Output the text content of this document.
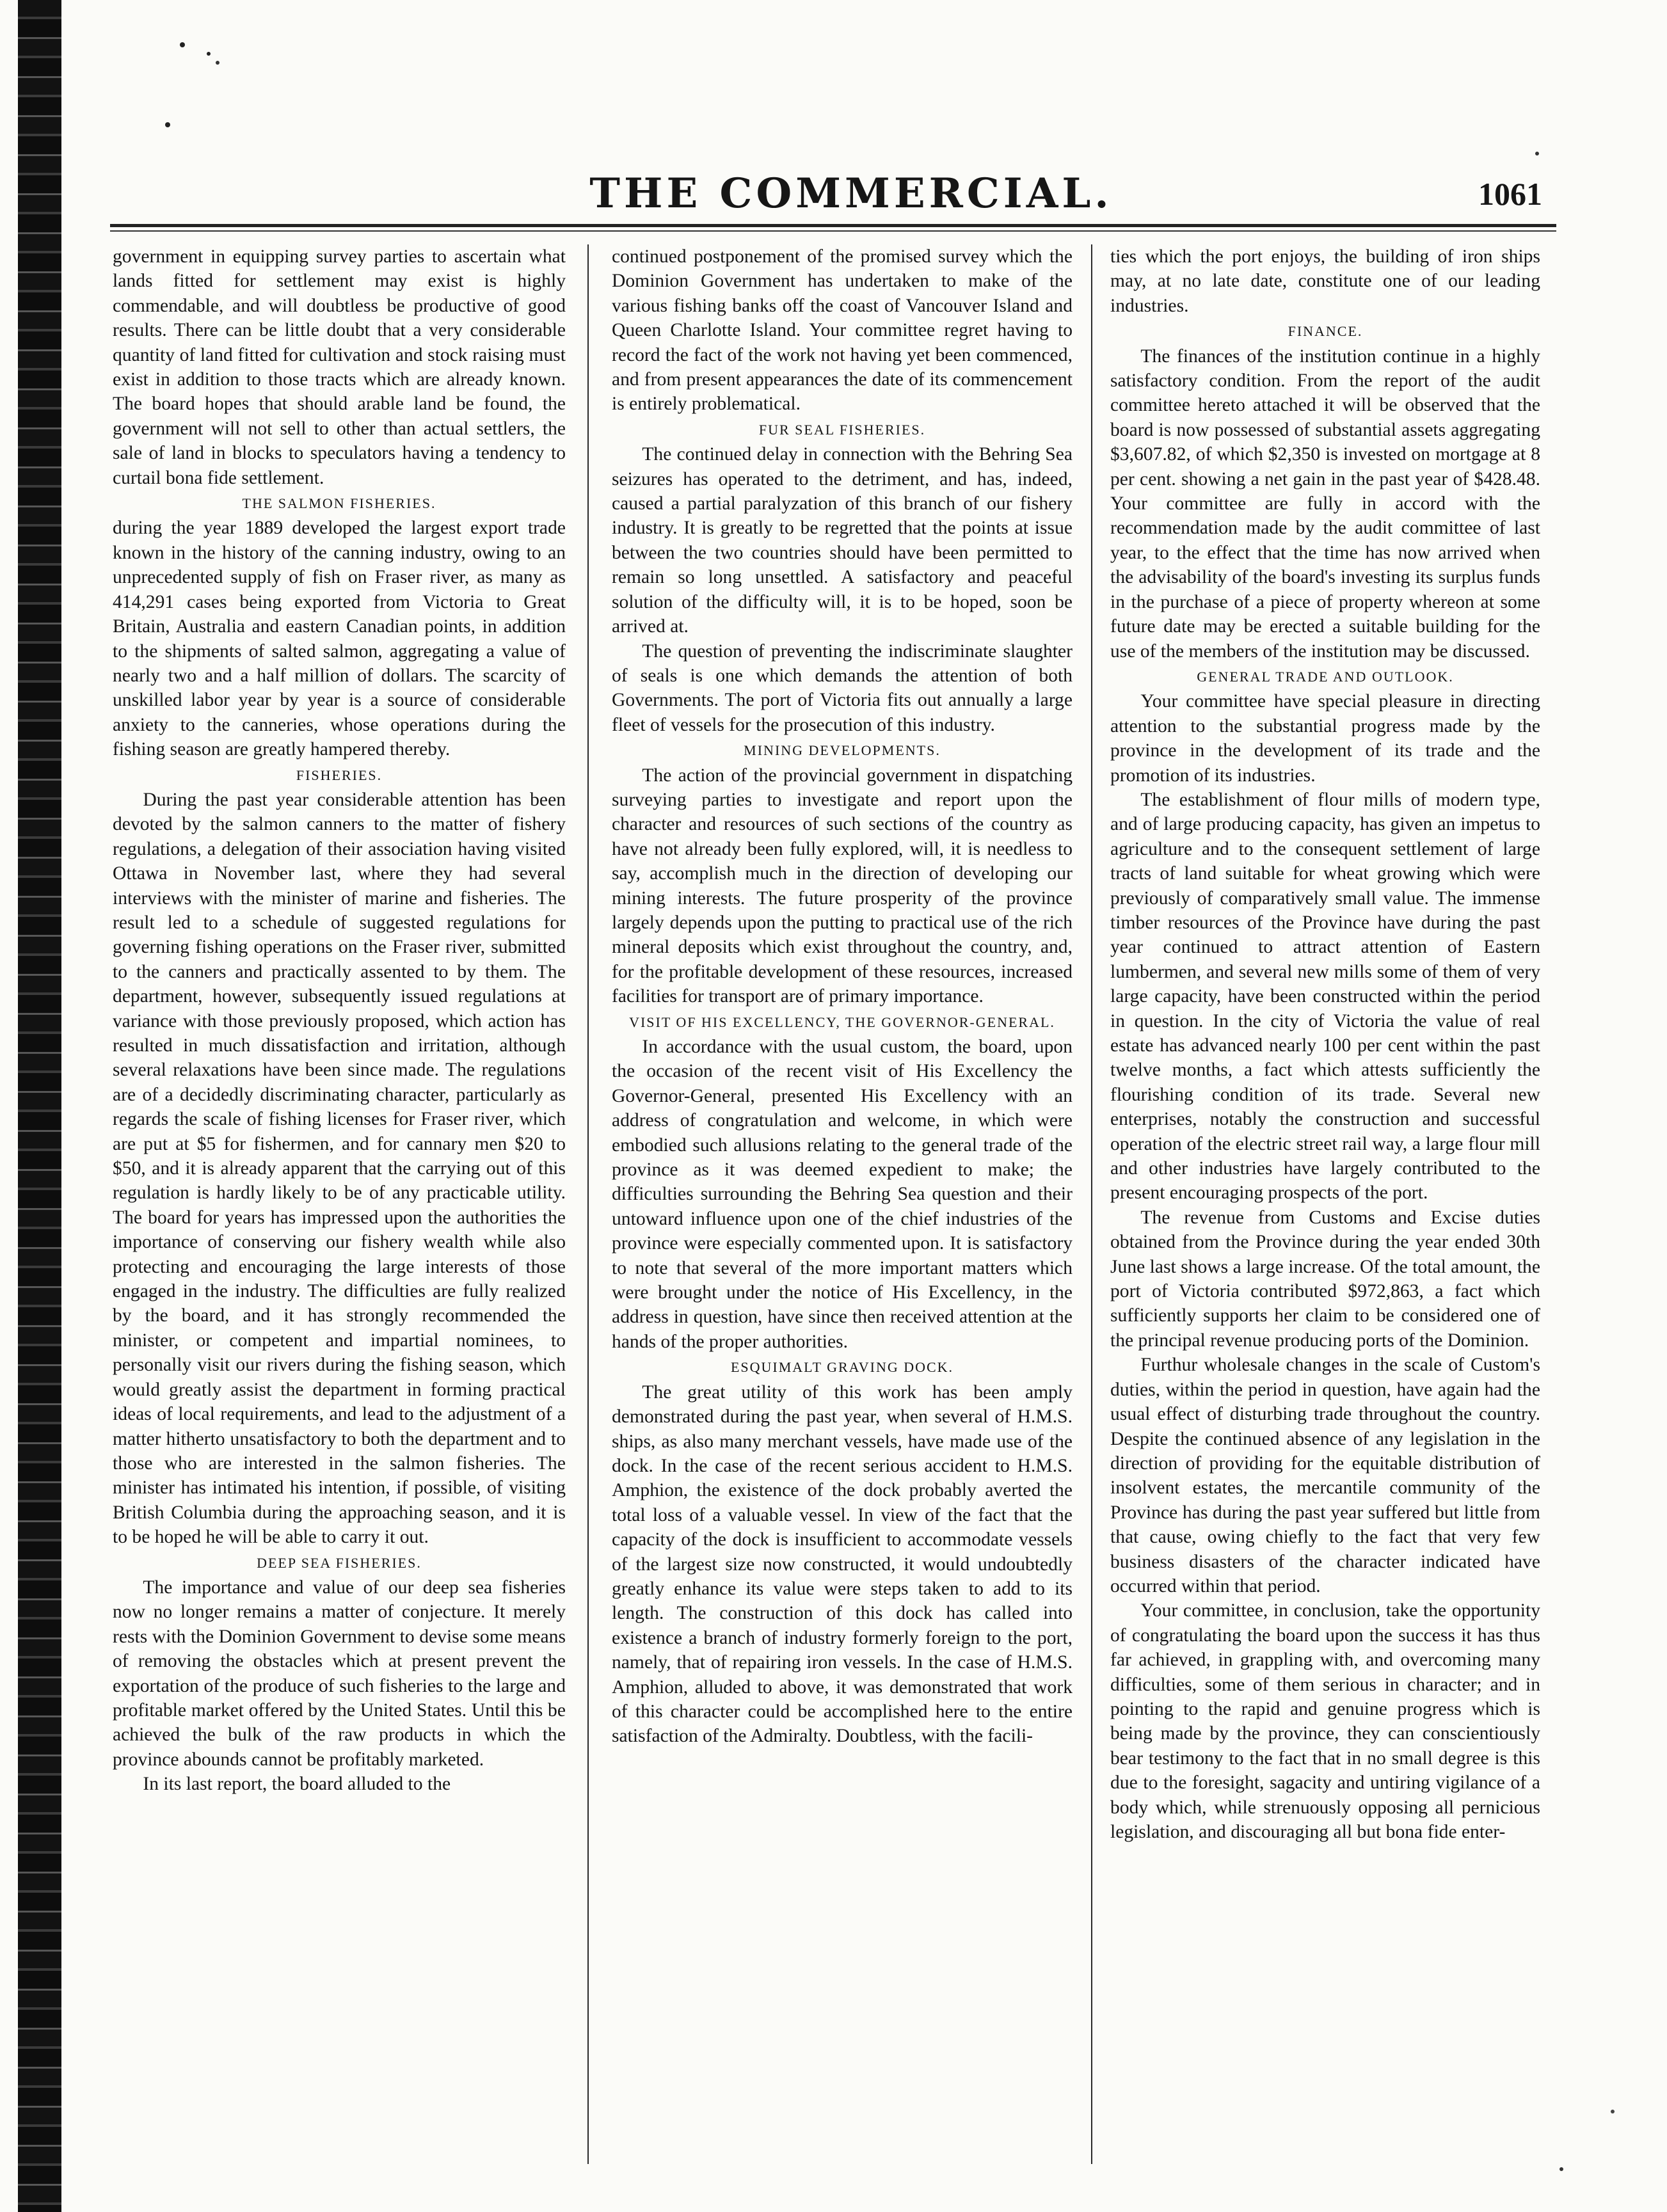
THE COMMERCIAL.	1061

government in equipping survey parties to ascertain what lands fitted for settlement may exist is highly commendable, and will doubtless be productive of good results. There can be little doubt that a very considerable quantity of land fitted for cultivation and stock raising must exist in addition to those tracts which are already known. The board hopes that should arable land be found, the government will not sell to other than actual settlers, the sale of land in blocks to speculators having a tendency to curtail bona fide settlement.

THE SALMON FISHERIES.

during the year 1889 developed the largest export trade known in the history of the canning industry, owing to an unprecedented supply of fish on Fraser river, as many as 414,291 cases being exported from Victoria to Great Britain, Australia and eastern Canadian points, in addition to the shipments of salted salmon, aggregating a value of nearly two and a half million of dollars. The scarcity of unskilled labor year by year is a source of considerable anxiety to the canneries, whose operations during the fishing season are greatly hampered thereby.

FISHERIES.

During the past year considerable attention has been devoted by the salmon canners to the matter of fishery regulations, a delegation of their association having visited Ottawa in November last, where they had several interviews with the minister of marine and fisheries. The result led to a schedule of suggested regulations for governing fishing operations on the Fraser river, submitted to the canners and practically assented to by them. The department, however, subsequently issued regulations at variance with those previously proposed, which action has resulted in much dissatisfaction and irritation, although several relaxations have been since made. The regulations are of a decidedly discriminating character, particularly as regards the scale of fishing licenses for Fraser river, which are put at $5 for fishermen, and for cannary men $20 to $50, and it is already apparent that the carrying out of this regulation is hardly likely to be of any practicable utility. The board for years has impressed upon the authorities the importance of conserving our fishery wealth while also protecting and encouraging the large interests of those engaged in the industry. The difficulties are fully realized by the board, and it has strongly recommended the minister, or competent and impartial nominees, to personally visit our rivers during the fishing season, which would greatly assist the department in forming practical ideas of local requirements, and lead to the adjustment of a matter hitherto unsatisfactory to both the department and to those who are interested in the salmon fisheries. The minister has intimated his intention, if possible, of visiting British Columbia during the approaching season, and it is to be hoped he will be able to carry it out.

DEEP SEA FISHERIES.

The importance and value of our deep sea fisheries now no longer remains a matter of conjecture. It merely rests with the Dominion Government to devise some means of removing the obstacles which at present prevent the exportation of the produce of such fisheries to the large and profitable market offered by the United States. Until this be achieved the bulk of the raw products in which the province abounds cannot be profitably marketed.

In its last report, the board alluded to the

continued postponement of the promised survey which the Dominion Government has undertaken to make of the various fishing banks off the coast of Vancouver Island and Queen Charlotte Island. Your committee regret having to record the fact of the work not having yet been commenced, and from present appearances the date of its commencement is entirely problematical.

FUR SEAL FISHERIES.

The continued delay in connection with the Behring Sea seizures has operated to the detriment, and has, indeed, caused a partial paralyzation of this branch of our fishery industry. It is greatly to be regretted that the points at issue between the two countries should have been permitted to remain so long unsettled. A satisfactory and peaceful solution of the difficulty will, it is to be hoped, soon be arrived at.

The question of preventing the indiscriminate slaughter of seals is one which demands the attention of both Governments. The port of Victoria fits out annually a large fleet of vessels for the prosecution of this industry.

MINING DEVELOPMENTS.

The action of the provincial government in dispatching surveying parties to investigate and report upon the character and resources of such sections of the country as have not already been fully explored, will, it is needless to say, accomplish much in the direction of developing our mining interests. The future prosperity of the province largely depends upon the putting to practical use of the rich mineral deposits which exist throughout the country, and, for the profitable development of these resources, increased facilities for transport are of primary importance.

VISIT OF HIS EXCELLENCY, THE GOVERNOR-GENERAL.

In accordance with the usual custom, the board, upon the occasion of the recent visit of His Excellency the Governor-General, presented His Excellency with an address of congratulation and welcome, in which were embodied such allusions relating to the general trade of the province as it was deemed expedient to make; the difficulties surrounding the Behring Sea question and their untoward influence upon one of the chief industries of the province were especially commented upon. It is satisfactory to note that several of the more important matters which were brought under the notice of His Excellency, in the address in question, have since then received attention at the hands of the proper authorities.

ESQUIMALT GRAVING DOCK.

The great utility of this work has been amply demonstrated during the past year, when several of H.M.S. ships, as also many merchant vessels, have made use of the dock. In the case of the recent serious accident to H.M.S. Amphion, the existence of the dock probably averted the total loss of a valuable vessel. In view of the fact that the capacity of the dock is insufficient to accommodate vessels of the largest size now constructed, it would undoubtedly greatly enhance its value were steps taken to add to its length. The construction of this dock has called into existence a branch of industry formerly foreign to the port, namely, that of repairing iron vessels. In the case of H.M.S. Amphion, alluded to above, it was demonstrated that work of this character could be accomplished here to the entire satisfaction of the Admiralty. Doubtless, with the facili-

ties which the port enjoys, the building of iron ships may, at no late date, constitute one of our leading industries.

FINANCE.

The finances of the institution continue in a highly satisfactory condition. From the report of the audit committee hereto attached it will be observed that the board is now possessed of substantial assets aggregating $3,607.82, of which $2,350 is invested on mortgage at 8 per cent. showing a net gain in the past year of $428.48. Your committee are fully in accord with the recommendation made by the audit committee of last year, to the effect that the time has now arrived when the advisability of the board's investing its surplus funds in the purchase of a piece of property whereon at some future date may be erected a suitable building for the use of the members of the institution may be discussed.

GENERAL TRADE AND OUTLOOK.

Your committee have special pleasure in directing attention to the substantial progress made by the province in the development of its trade and the promotion of its industries.

The establishment of flour mills of modern type, and of large producing capacity, has given an impetus to agriculture and to the consequent settlement of large tracts of land suitable for wheat growing which were previously of comparatively small value. The immense timber resources of the Province have during the past year continued to attract attention of Eastern lumbermen, and several new mills some of them of very large capacity, have been constructed within the period in question. In the city of Victoria the value of real estate has advanced nearly 100 per cent within the past twelve months, a fact which attests sufficiently the flourishing condition of its trade. Several new enterprises, notably the construction and successful operation of the electric street rail way, a large flour mill and other industries have largely contributed to the present encouraging prospects of the port.

The revenue from Customs and Excise duties obtained from the Province during the year ended 30th June last shows a large increase. Of the total amount, the port of Victoria contributed $972,863, a fact which sufficiently supports her claim to be considered one of the principal revenue producing ports of the Dominion.

Furthur wholesale changes in the scale of Custom's duties, within the period in question, have again had the usual effect of disturbing trade throughout the country. Despite the continued absence of any legislation in the direction of providing for the equitable distribution of insolvent estates, the mercantile community of the Province has during the past year suffered but little from that cause, owing chiefly to the fact that very few business disasters of the character indicated have occurred within that period.

Your committee, in conclusion, take the opportunity of congratulating the board upon the success it has thus far achieved, in grappling with, and overcoming many difficulties, some of them serious in character; and in pointing to the rapid and genuine progress which is being made by the province, they can conscientiously bear testimony to the fact that in no small degree is this due to the foresight, sagacity and untiring vigilance of a body which, while strenuously opposing all pernicious legislation, and discouraging all but bona fide enter-
